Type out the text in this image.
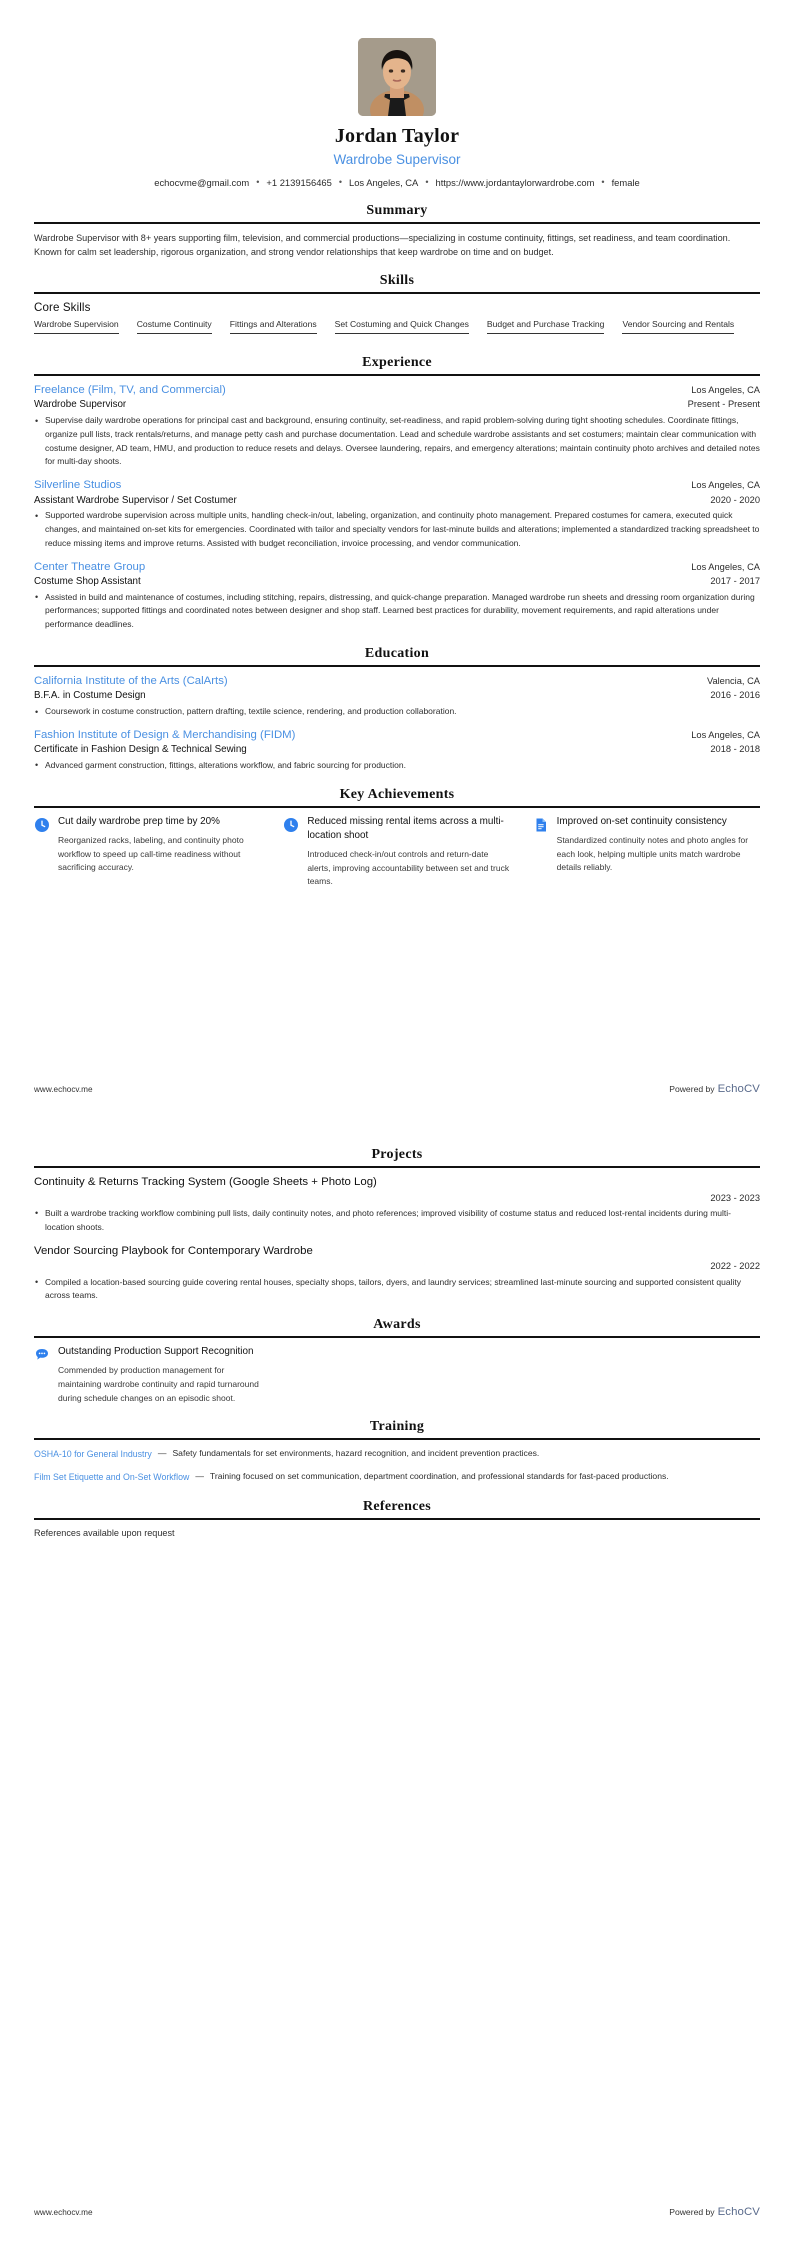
Jordan Taylor
Wardrobe Supervisor
echocvme@gmail.com • +1 2139156465 • Los Angeles, CA • https://www.jordantaylorwardrobe.com • female
Summary
Wardrobe Supervisor with 8+ years supporting film, television, and commercial productions—specializing in costume continuity, fittings, set readiness, and team coordination. Known for calm set leadership, rigorous organization, and strong vendor relationships that keep wardrobe on time and on budget.
Skills
Core Skills
Wardrobe Supervision Costume Continuity Fittings and Alterations Set Costuming and Quick Changes Budget and Purchase Tracking Vendor Sourcing and Rentals
Experience
Freelance (Film, TV, and Commercial)	Los Angeles, CA
Wardrobe Supervisor	Present - Present
• Supervise daily wardrobe operations for principal cast and background, ensuring continuity, set-readiness, and rapid problem-solving during tight shooting schedules. Coordinate fittings, organize pull lists, track rentals/returns, and manage petty cash and purchase documentation. Lead and schedule wardrobe assistants and set costumers; maintain clear communication with costume designer, AD team, HMU, and production to reduce resets and delays. Oversee laundering, repairs, and emergency alterations; maintain continuity photo archives and detailed notes for multi-day shoots.
Silverline Studios	Los Angeles, CA
Assistant Wardrobe Supervisor / Set Costumer	2020 - 2020
• Supported wardrobe supervision across multiple units, handling check-in/out, labeling, organization, and continuity photo management. Prepared costumes for camera, executed quick changes, and maintained on-set kits for emergencies. Coordinated with tailor and specialty vendors for last-minute builds and alterations; implemented a standardized tracking spreadsheet to reduce missing items and improve returns. Assisted with budget reconciliation, invoice processing, and vendor communication.
Center Theatre Group	Los Angeles, CA
Costume Shop Assistant	2017 - 2017
• Assisted in build and maintenance of costumes, including stitching, repairs, distressing, and quick-change preparation. Managed wardrobe run sheets and dressing room organization during performances; supported fittings and coordinated notes between designer and shop staff. Learned best practices for durability, movement requirements, and rapid alterations under performance deadlines.
Education
California Institute of the Arts (CalArts)	Valencia, CA
B.F.A. in Costume Design	2016 - 2016
• Coursework in costume construction, pattern drafting, textile science, rendering, and production collaboration.
Fashion Institute of Design & Merchandising (FIDM)	Los Angeles, CA
Certificate in Fashion Design & Technical Sewing	2018 - 2018
• Advanced garment construction, fittings, alterations workflow, and fabric sourcing for production.
Key Achievements
Cut daily wardrobe prep time by 20%
Reorganized racks, labeling, and continuity photo workflow to speed up call-time readiness without sacrificing accuracy.
Reduced missing rental items across a multi-location shoot
Introduced check-in/out controls and return-date alerts, improving accountability between set and truck teams.
Improved on-set continuity consistency
Standardized continuity notes and photo angles for each look, helping multiple units match wardrobe details reliably.
www.echocv.me	Powered by EchoCV
Projects
Continuity & Returns Tracking System (Google Sheets + Photo Log)
2023 - 2023
• Built a wardrobe tracking workflow combining pull lists, daily continuity notes, and photo references; improved visibility of costume status and reduced lost-rental incidents during multi-location shoots.
Vendor Sourcing Playbook for Contemporary Wardrobe
2022 - 2022
• Compiled a location-based sourcing guide covering rental houses, specialty shops, tailors, dyers, and laundry services; streamlined last-minute sourcing and supported consistent quality across teams.
Awards
Outstanding Production Support Recognition
Commended by production management for maintaining wardrobe continuity and rapid turnaround during schedule changes on an episodic shoot.
Training
OSHA-10 for General Industry — Safety fundamentals for set environments, hazard recognition, and incident prevention practices.
Film Set Etiquette and On-Set Workflow — Training focused on set communication, department coordination, and professional standards for fast-paced productions.
References
References available upon request
www.echocv.me	Powered by EchoCV
